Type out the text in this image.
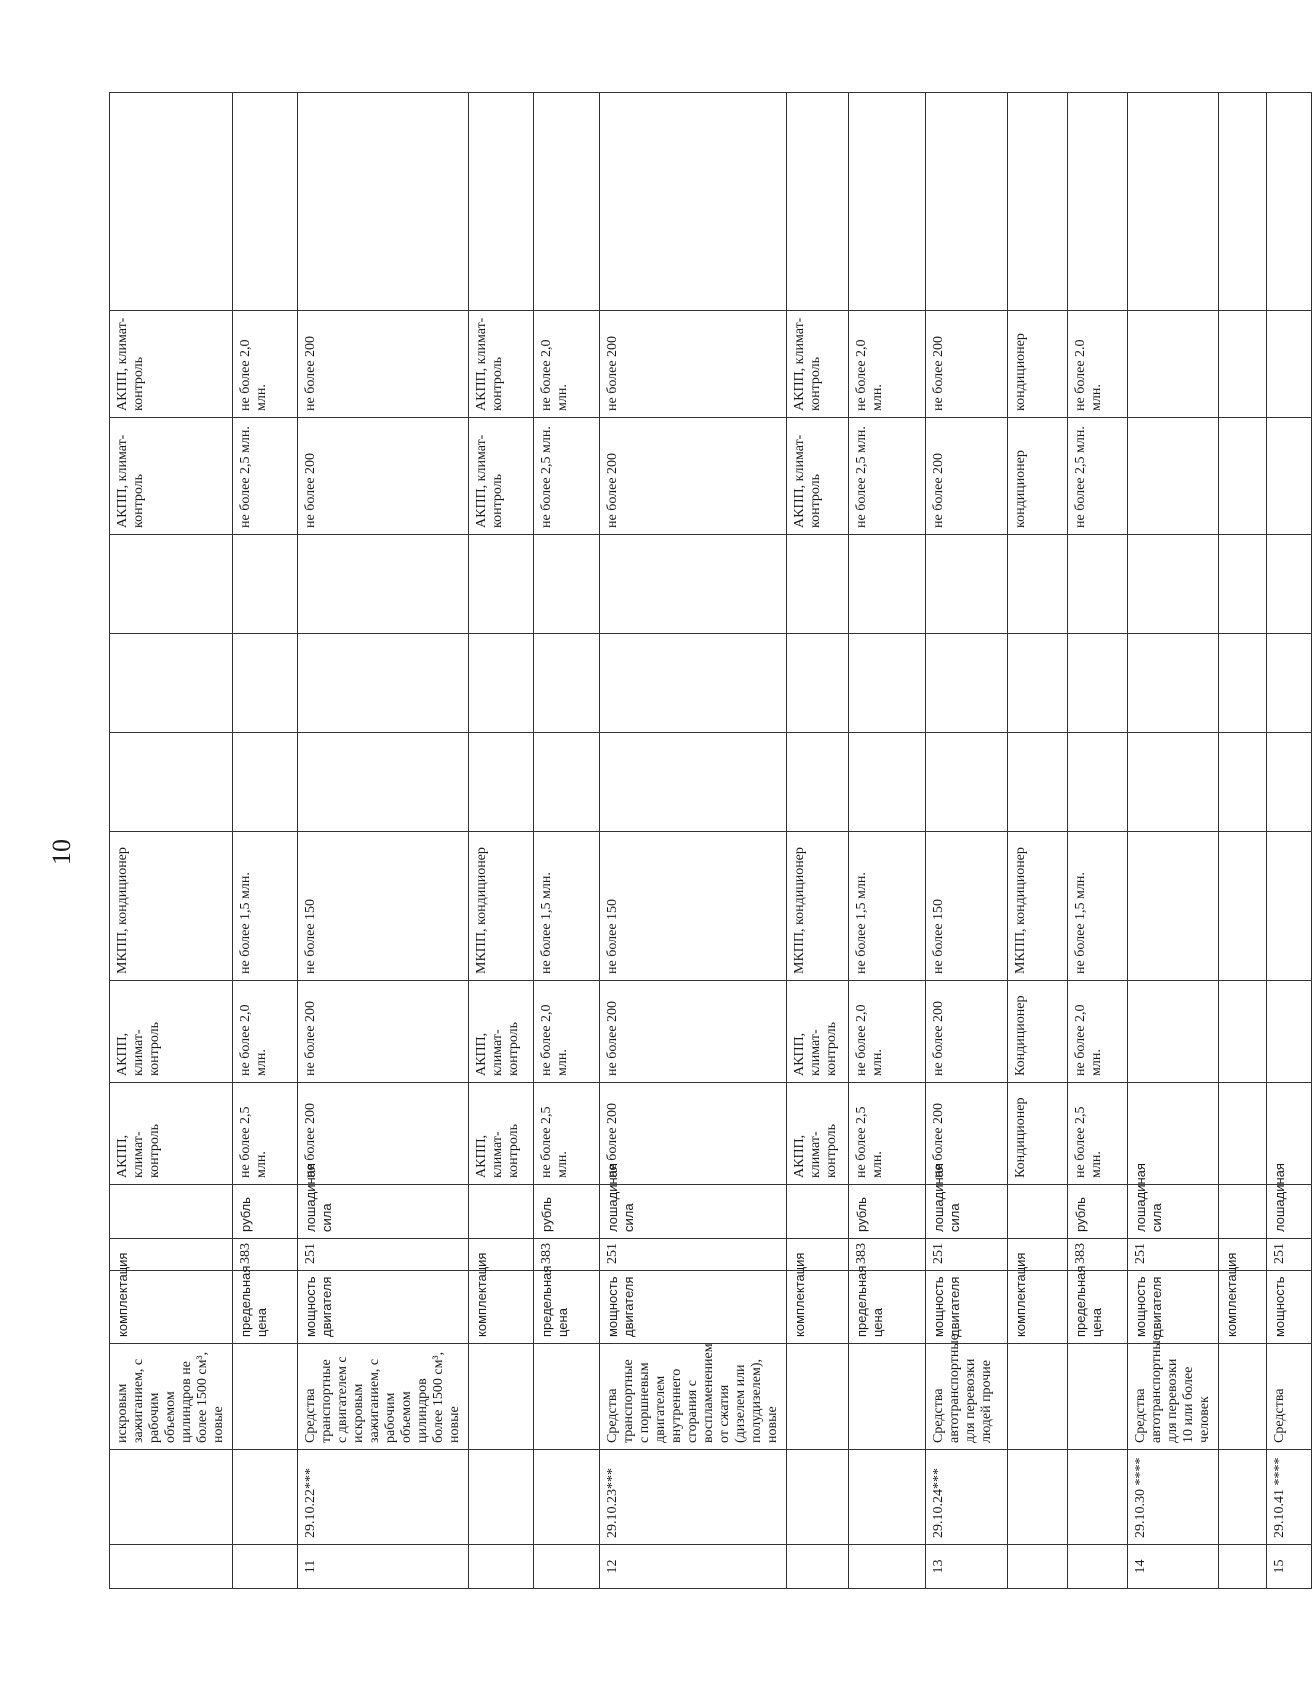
10
		искровым зажиганием, с рабочим объемом цилиндров не более 1500 см³, новые	комплектация			АКПП, климат-контроль	АКПП, климат-контроль	МКПП, кондиционер				АКПП, климат-контроль	АКПП, климат-контроль	
			предельная цена	383	рубль	не более 2,5 млн.	не более 2,0 млн.	не более 1,5 млн.				не более 2,5 млн.	не более 2,0 млн.	
11	29.10.22***	Средства транспортные с двигателем с искровым зажиганием, с рабочим объемом цилиндров более 1500 см³, новые	мощность двигателя	251	лошадиная сила	не более 200	не более 200	не более 150				не более 200	не более 200	
			комплектация			АКПП, климат-контроль	АКПП, климат-контроль	МКПП, кондиционер				АКПП, климат-контроль	АКПП, климат-контроль	
			предельная цена	383	рубль	не более 2,5 млн.	не более 2,0 млн.	не более 1,5 млн.				не более 2,5 млн.	не более 2,0 млн.	
12	29.10.23***	Средства транспортные с поршневым двигателем внутреннего сгорания с воспламенением от сжатия (дизелем или полудизелем), новые	мощность двигателя	251	лошадиная сила	не более 200	не более 200	не более 150				не более 200	не более 200	
			комплектация			АКПП, климат-контроль	АКПП, климат-контроль	МКПП, кондиционер				АКПП, климат-контроль	АКПП, климат-контроль	
			предельная цена	383	рубль	не более 2,5 млн.	не более 2,0 млн.	не более 1,5 млн.				не более 2,5 млн.	не более 2,0 млн.	
13	29.10.24***	Средства автотранспортные для перевозки людей прочие	мощность двигателя	251	лошадиная сила	не более 200	не более 200	не более 150				не более 200	не более 200	
			комплектация			Кондиционер	Кондиционер	МКПП, кондиционер				кондиционер	кондиционер	
			предельная цена	383	рубль	не более 2,5 млн.	не более 2,0 млн.	не более 1,5 млн.				не более 2,5 млн.	не более 2.0 млн.	
14	29.10.30 ****	Средства автотранспортные для перевозки 10 или более человек	мощность двигателя	251	лошадиная сила									
			комплектация											
15	29.10.41 ****	Средства	мощность	251	лошадиная									
